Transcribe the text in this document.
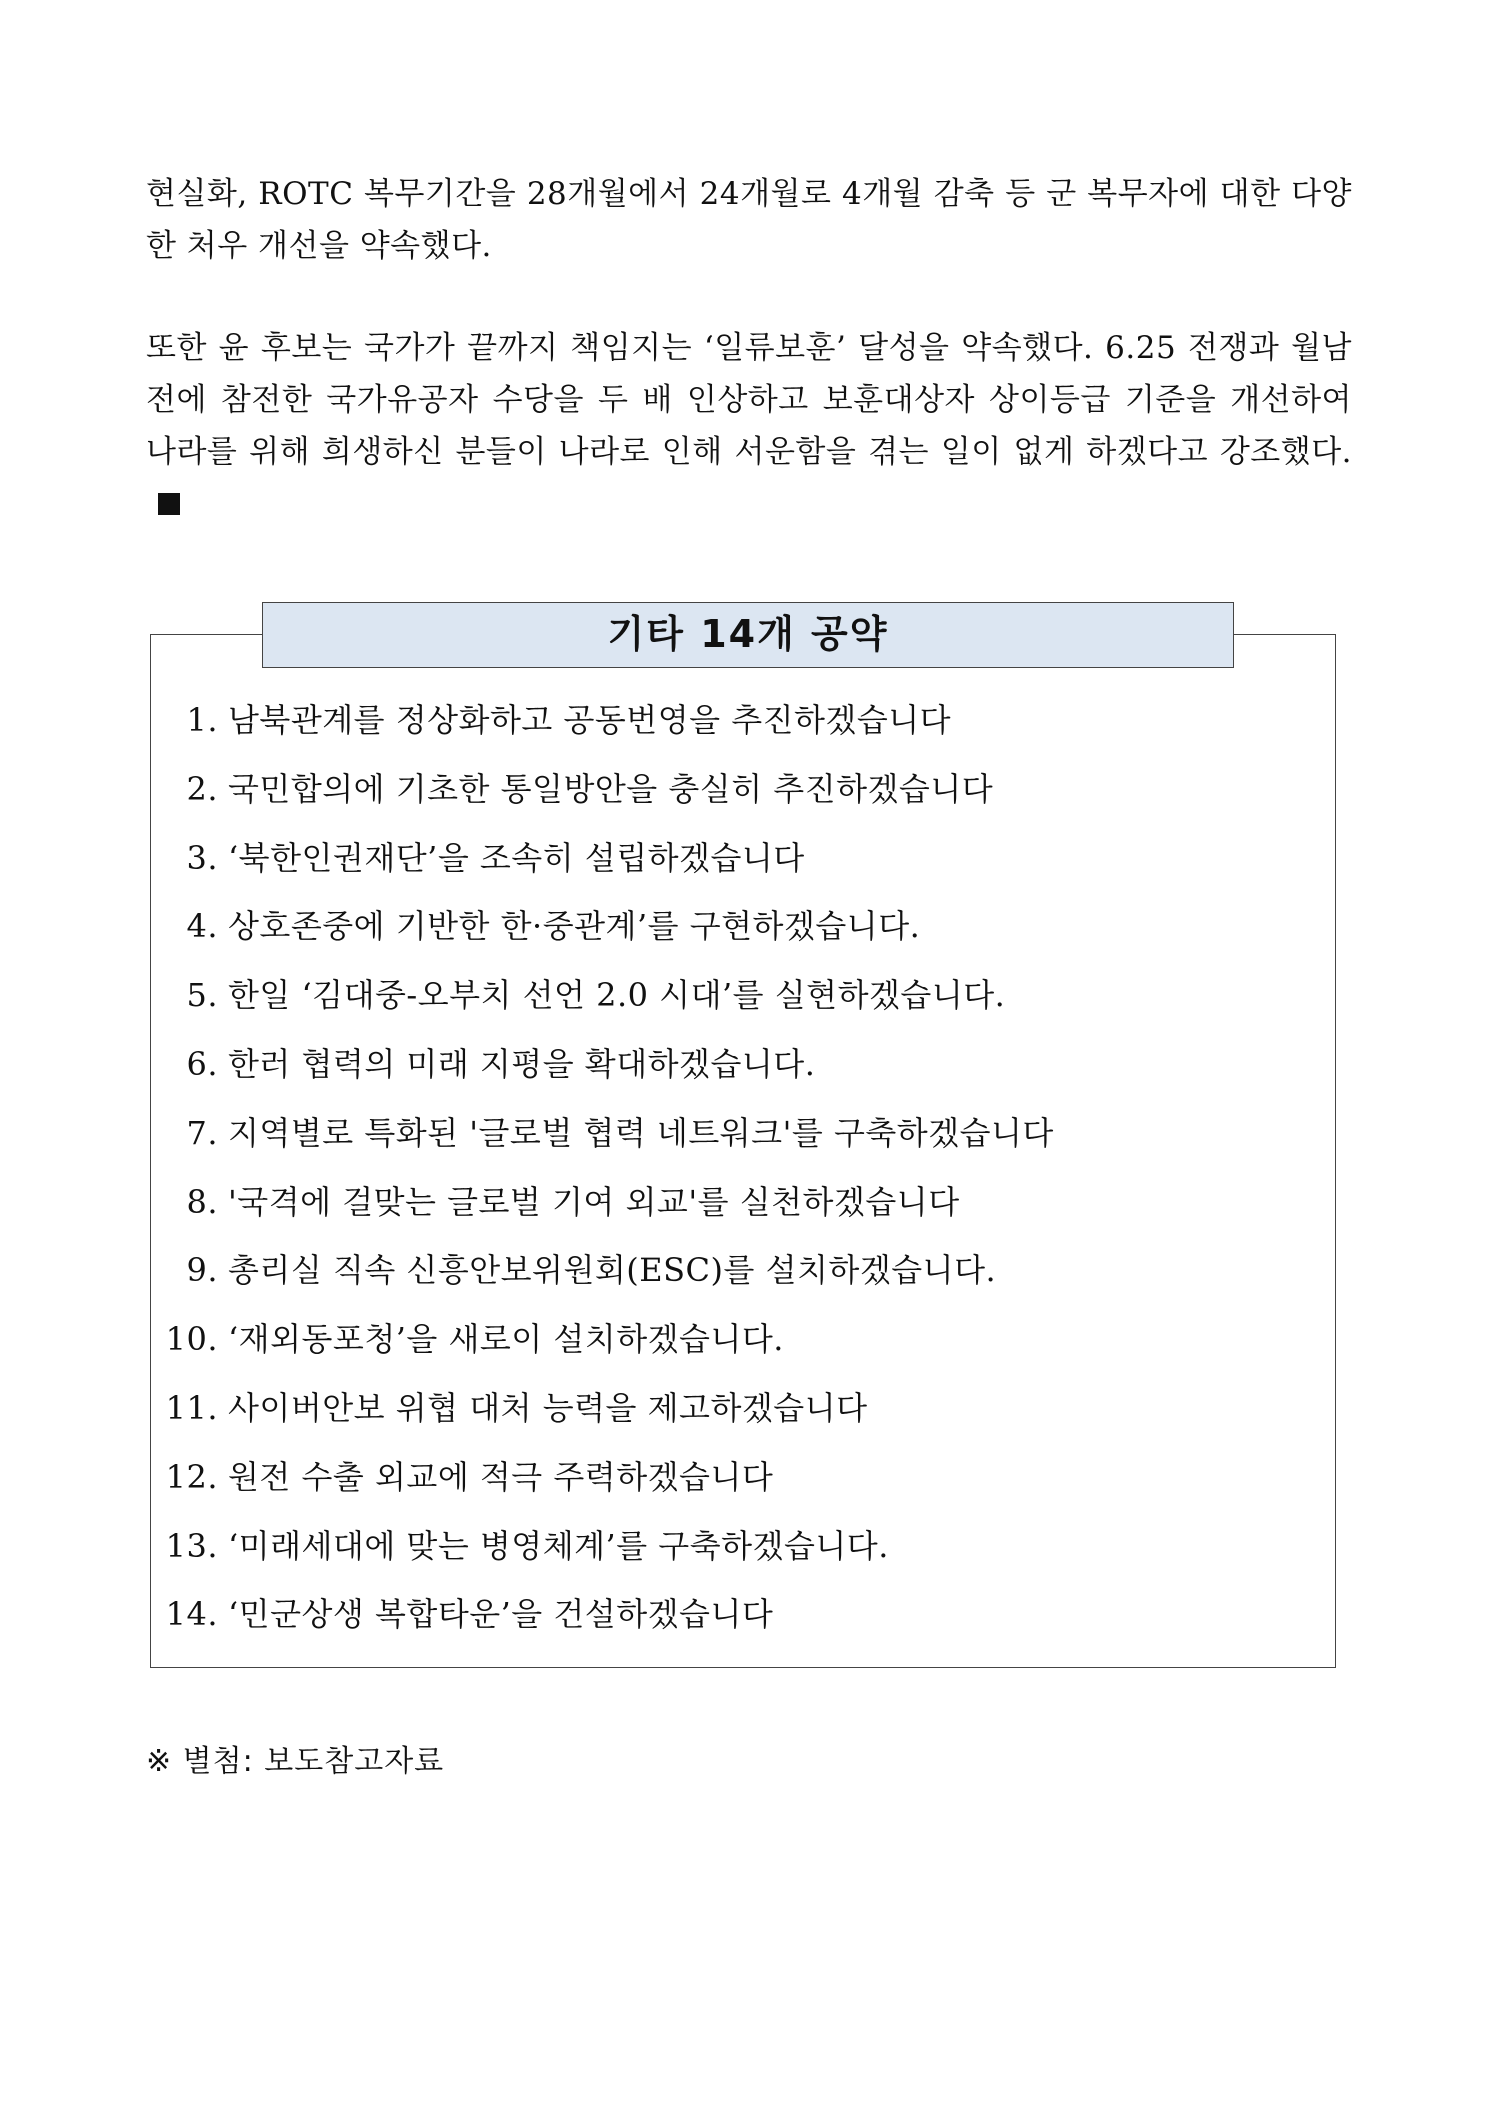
현실화, ROTC 복무기간을 28개월에서 24개월로 4개월 감축 등 군 복무자에 대한 다양한 처우 개선을 약속했다.
또한 윤 후보는 국가가 끝까지 책임지는 ‘일류보훈’ 달성을 약속했다. 6.25 전쟁과 월남전에 참전한 국가유공자 수당을 두 배 인상하고 보훈대상자 상이등급 기준을 개선하여 나라를 위해 희생하신 분들이 나라로 인해 서운함을 겪는 일이 없게 하겠다고 강조했다.
기타 14개 공약
1. 남북관계를 정상화하고 공동번영을 추진하겠습니다
2. 국민합의에 기초한 통일방안을 충실히 추진하겠습니다
3. ‘북한인권재단’을 조속히 설립하겠습니다
4. 상호존중에 기반한 한·중관계’를 구현하겠습니다.
5. 한일 ‘김대중-오부치 선언 2.0 시대’를 실현하겠습니다.
6. 한러 협력의 미래 지평을 확대하겠습니다.
7. 지역별로 특화된 '글로벌 협력 네트워크'를 구축하겠습니다
8. '국격에 걸맞는 글로벌 기여 외교'를 실천하겠습니다
9. 총리실 직속 신흥안보위원회(ESC)를 설치하겠습니다.
10. ‘재외동포청’을 새로이 설치하겠습니다.
11. 사이버안보 위협 대처 능력을 제고하겠습니다
12. 원전 수출 외교에 적극 주력하겠습니다
13. ‘미래세대에 맞는 병영체계’를 구축하겠습니다.
14. ‘민군상생 복합타운’을 건설하겠습니다
※ 별첨: 보도참고자료
